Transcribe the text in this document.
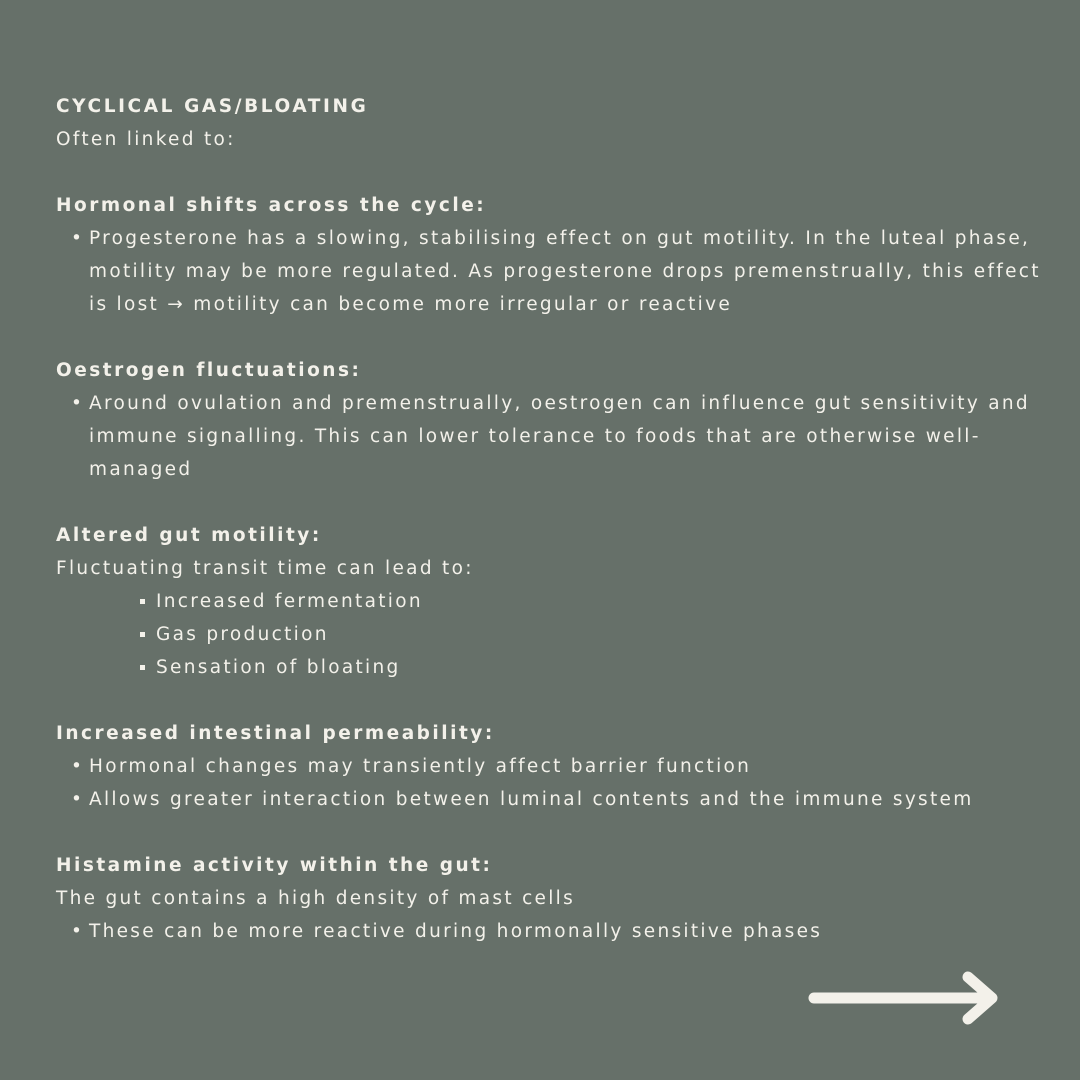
CYCLICAL GAS/BLOATING
Often linked to:
Hormonal shifts across the cycle:
• Progesterone has a slowing, stabilising effect on gut motility. In the luteal phase, motility may be more regulated. As progesterone drops premenstrually, this effect is lost → motility can become more irregular or reactive
Oestrogen fluctuations:
• Around ovulation and premenstrually, oestrogen can influence gut sensitivity and immune signalling. This can lower tolerance to foods that are otherwise well-managed
Altered gut motility:
Fluctuating transit time can lead to:
Increased fermentation
Gas production
Sensation of bloating
Increased intestinal permeability:
• Hormonal changes may transiently affect barrier function
• Allows greater interaction between luminal contents and the immune system
Histamine activity within the gut:
The gut contains a high density of mast cells
• These can be more reactive during hormonally sensitive phases
